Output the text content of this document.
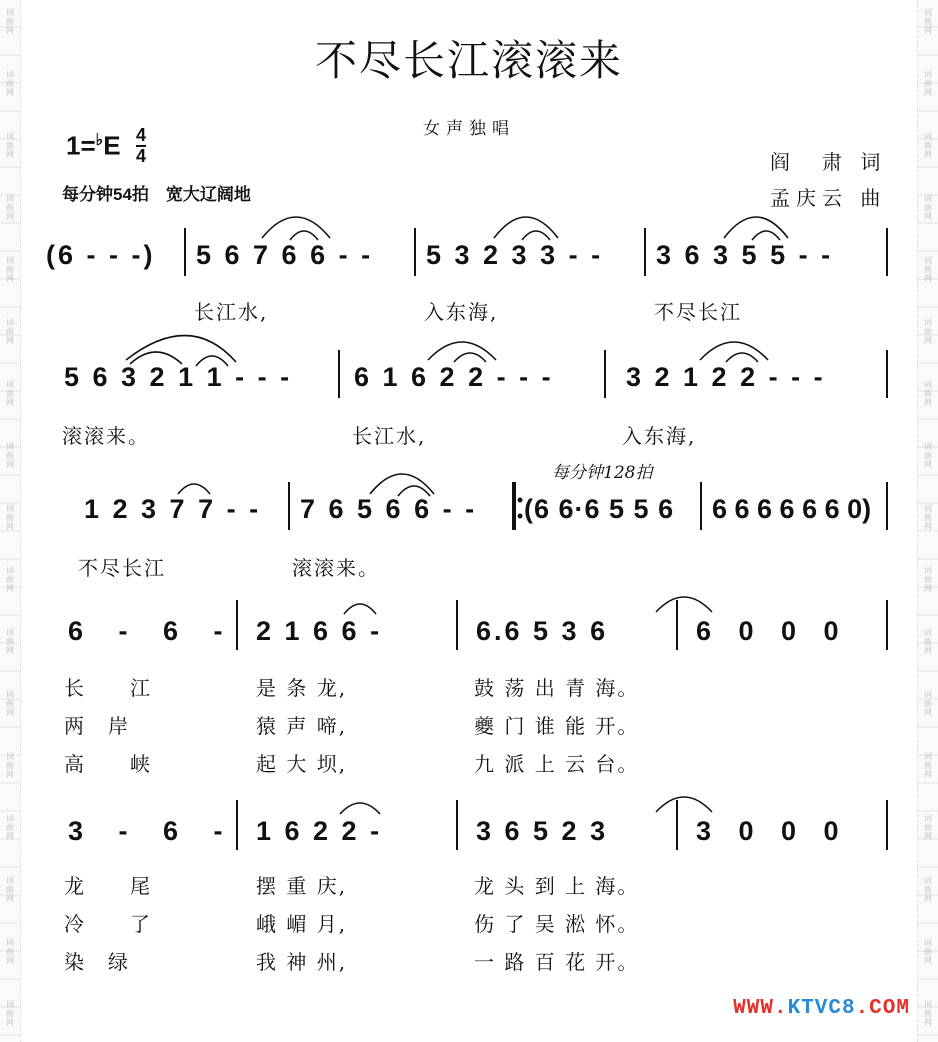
词
曲
网
词
曲
网
词
曲
网
词
曲
网
词
曲
网
词
曲
网
词
曲
网
词
曲
网
词
曲
网
词
曲
网
词
曲
网
词
曲
网
词
曲
网
词
曲
网
词
曲
网
词
曲
网
词
曲
网
词
曲
网
词
曲
网
词
曲
网
词
曲
网
词
曲
网
词
曲
网
词
曲
网
词
曲
网
词
曲
网
词
曲
网
词
曲
网
词
曲
网
词
曲
网
词
曲
网
词
曲
网
词
曲
网
词
曲
网
不尽长江滚滚来
女声独唱
1=♭E 4
4
每分钟54拍　宽大辽阔地
阎　肃 词
孟庆云 曲
(6 - - -) 5 6 7 6 6 - - 5 3 2 3 3 - - 3 6 3 5 5 - -
长江水,	入东海,	不尽长江
5 6 3 2 1 1 - - - 6 1 6 2 2 - - -	3 2 1 2 2 - - -
滚滚来。	长江水,	入东海,
每分钟128拍
1 2 3 7 7 - - 7 6 5 6 6 - - (6 6·6 5 5 6 6 6 6 6 6 6 0)
不尽长江	滚滚来。
6 - 6 - 2 1 6 6 -	6.6 5 3 6	6 0 0 0
长　　江	是 条 龙,	鼓 荡 出 青 海。
两　岸	猿 声 啼,	夔 门 谁 能 开。
高　　峡	起 大 坝,	九 派 上 云 台。
3 - 6 - 1 6 2 2 -	3 6 5 2 3	3 0 0 0
龙　　尾	摆 重 庆,	龙 头 到 上 海。
冷　　了	峨 嵋 月,	伤 了 吴 淞 怀。
染　绿	我 神 州,	一 路 百 花 开。
WWW.KTVC8.COM
